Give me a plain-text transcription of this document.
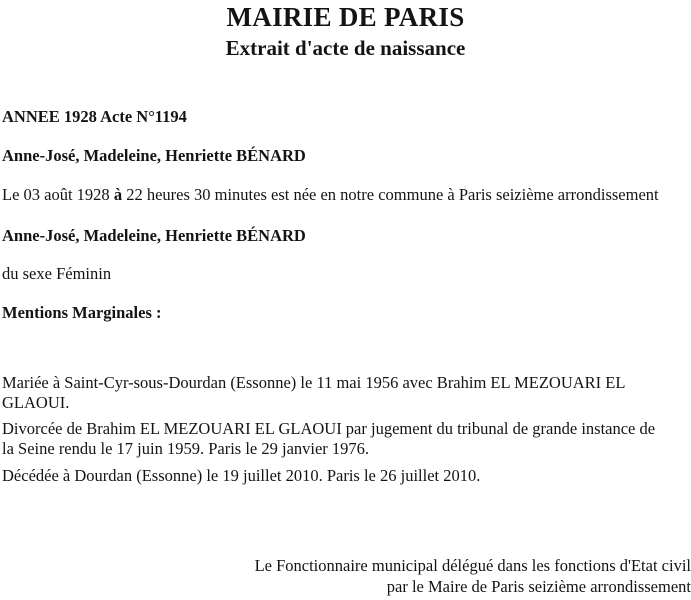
MAIRIE DE PARIS
Extrait d'acte de naissance
ANNEE 1928 Acte N°1194
Anne-José, Madeleine, Henriette BÉNARD
Le 03 août 1928 à 22 heures 30 minutes est née en notre commune à Paris seizième arrondissement
Anne-José, Madeleine, Henriette BÉNARD
du sexe Féminin
Mentions Marginales :
Mariée à Saint-Cyr-sous-Dourdan (Essonne) le 11 mai 1956 avec Brahim EL MEZOUARI EL
GLAOUI.
Divorcée de Brahim EL MEZOUARI EL GLAOUI par jugement du tribunal de grande instance de
la Seine rendu le 17 juin 1959. Paris le 29 janvier 1976.
Décédée à Dourdan (Essonne) le 19 juillet 2010. Paris le 26 juillet 2010.
Le Fonctionnaire municipal délégué dans les fonctions d'Etat civil
par le Maire de Paris seizième arrondissement
